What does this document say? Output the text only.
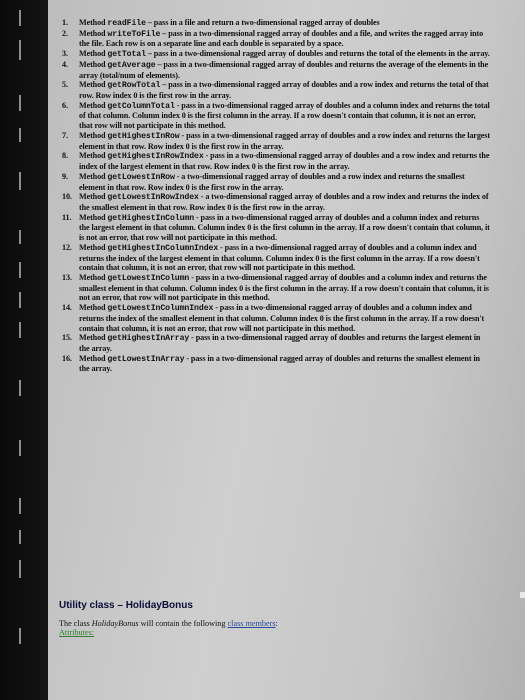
1. Method readFile – pass in a file and return a two-dimensional ragged array of doubles
2. Method writeToFile – pass in a two-dimensional ragged array of doubles and a file, and writes the ragged array into the file. Each row is on a separate line and each double is separated by a space.
3. Method getTotal – pass in a two-dimensional ragged array of doubles and returns the total of the elements in the array.
4. Method getAverage – pass in a two-dimensional ragged array of doubles and returns the average of the elements in the array (total/num of elements).
5. Method getRowTotal – pass in a two-dimensional ragged array of doubles and a row index and returns the total of that row. Row index 0 is the first row in the array.
6. Method getColumnTotal - pass in a two-dimensional ragged array of doubles and a column index and returns the total of that column. Column index 0 is the first column in the array. If a row doesn't contain that column, it is not an error, that row will not participate in this method.
7. Method getHighestInRow - pass in a two-dimensional ragged array of doubles and a row index and returns the largest element in that row. Row index 0 is the first row in the array.
8. Method getHighestInRowIndex - pass in a two-dimensional ragged array of doubles and a row index and returns the index of the largest element in that row. Row index 0 is the first row in the array.
9. Method getLowestInRow - a two-dimensional ragged array of doubles and a row index and returns the smallest element in that row. Row index 0 is the first row in the array.
10. Method getLowestInRowIndex - a two-dimensional ragged array of doubles and a row index and returns the index of the smallest element in that row. Row index 0 is the first row in the array.
11. Method getHighestInColumn - pass in a two-dimensional ragged array of doubles and a column index and returns the largest element in that column. Column index 0 is the first column in the array. If a row doesn't contain that column, it is not an error, that row will not participate in this method.
12. Method getHighestInColumnIndex - pass in a two-dimensional ragged array of doubles and a column index and returns the index of the largest element in that column. Column index 0 is the first column in the array. If a row doesn't contain that column, it is not an error, that row will not participate in this method.
13. Method getLowestInColumn - pass in a two-dimensional ragged array of doubles and a column index and returns the smallest element in that column. Column index 0 is the first column in the array. If a row doesn't contain that column, it is not an error, that row will not participate in this method.
14. Method getLowestInColumnIndex - pass in a two-dimensional ragged array of doubles and a column index and returns the index of the smallest element in that column. Column index 0 is the first column in the array. If a row doesn't contain that column, it is not an error, that row will not participate in this method.
15. Method getHighestInArray - pass in a two-dimensional ragged array of doubles and returns the largest element in the array.
16. Method getLowestInArray - pass in a two-dimensional ragged array of doubles and returns the smallest element in the array.
Utility class – HolidayBonus
The class HolidayBonus will contain the following class members:
Attributes:
